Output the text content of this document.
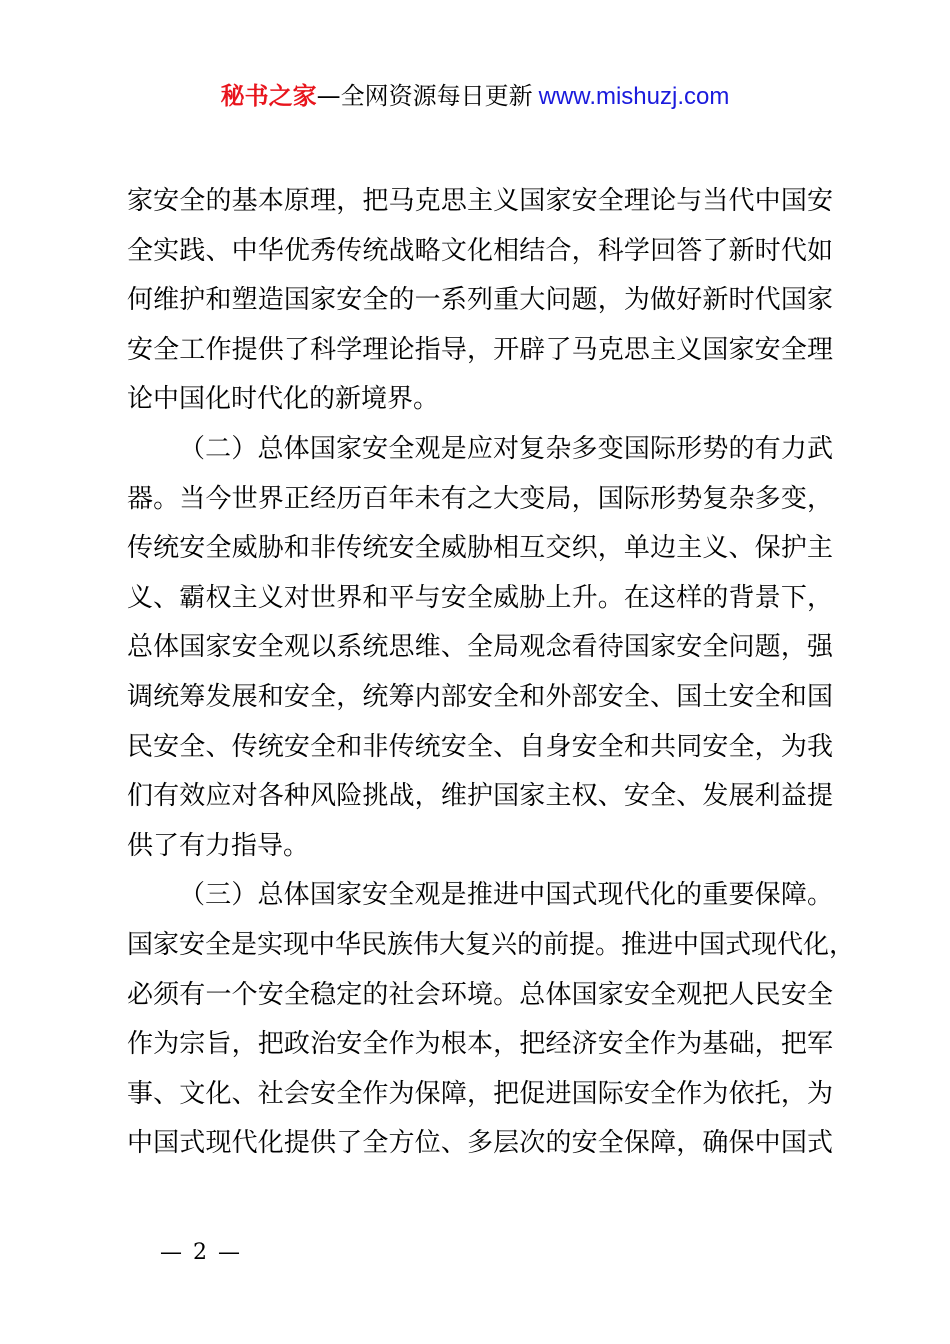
秘书之家—全网资源每日更新 www.mishuzj.com
家安全的基本原理，把马克思主义国家安全理论与当代中国安
全实践、中华优秀传统战略文化相结合，科学回答了新时代如
何维护和塑造国家安全的一系列重大问题，为做好新时代国家
安全工作提供了科学理论指导，开辟了马克思主义国家安全理
论中国化时代化的新境界。
（二）总体国家安全观是应对复杂多变国际形势的有力武
器。当今世界正经历百年未有之大变局，国际形势复杂多变，
传统安全威胁和非传统安全威胁相互交织，单边主义、保护主
义、霸权主义对世界和平与安全威胁上升。在这样的背景下，
总体国家安全观以系统思维、全局观念看待国家安全问题，强
调统筹发展和安全，统筹内部安全和外部安全、国土安全和国
民安全、传统安全和非传统安全、自身安全和共同安全，为我
们有效应对各种风险挑战，维护国家主权、安全、发展利益提
供了有力指导。
（三）总体国家安全观是推进中国式现代化的重要保障。
国家安全是实现中华民族伟大复兴的前提。推进中国式现代化，
必须有一个安全稳定的社会环境。总体国家安全观把人民安全
作为宗旨，把政治安全作为根本，把经济安全作为基础，把军
事、文化、社会安全作为保障，把促进国际安全作为依托，为
中国式现代化提供了全方位、多层次的安全保障，确保中国式
— 2 —
